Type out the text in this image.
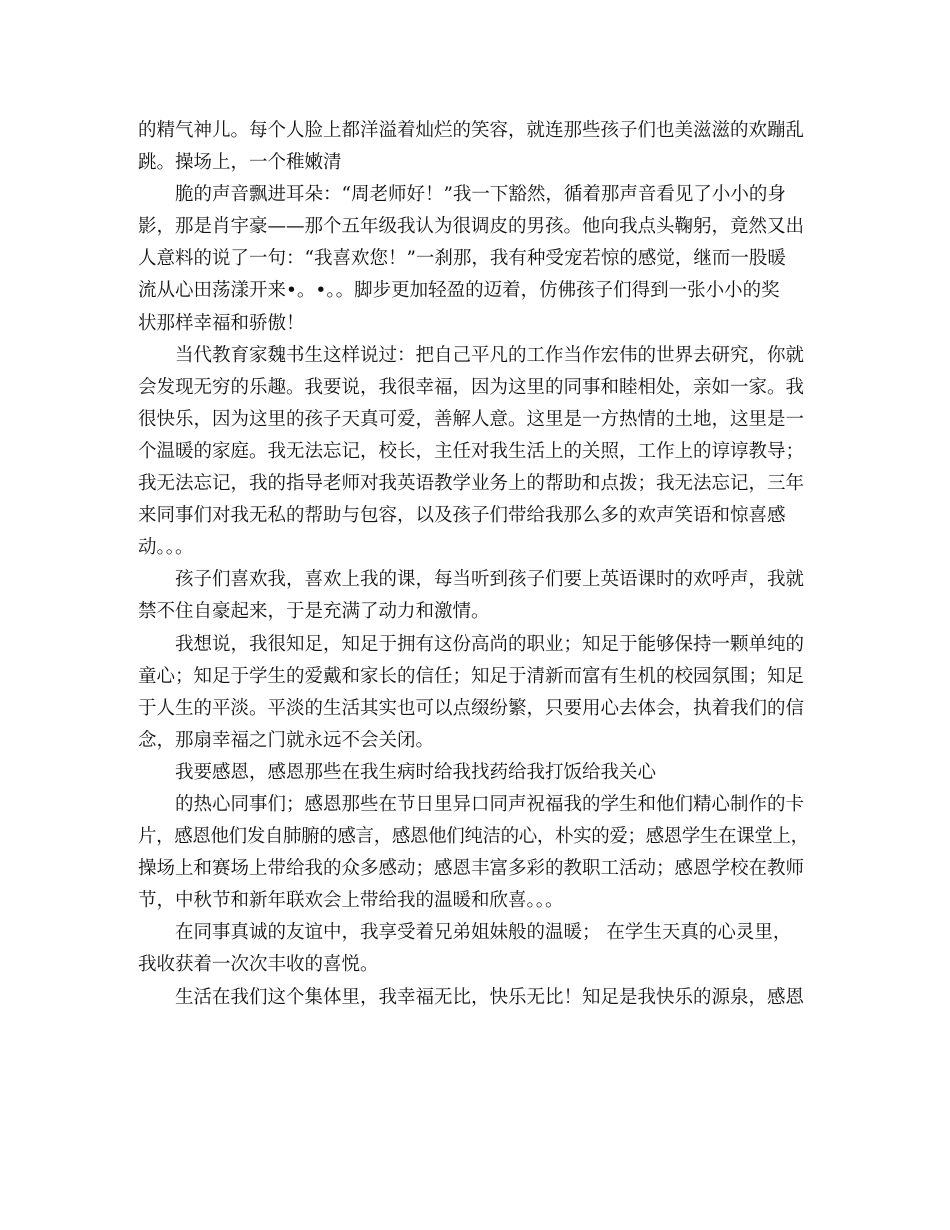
的精气神儿。每个人脸上都洋溢着灿烂的笑容，就连那些孩子们也美滋滋的欢蹦乱
跳。操场上，一个稚嫩清

脆的声音飘进耳朵：“周老师好！”我一下豁然，循着那声音看见了小小的身
影，那是肖宇豪——那个五年级我认为很调皮的男孩。他向我点头鞠躬，竟然又出
人意料的说了一句：“我喜欢您！”一刹那，我有种受宠若惊的感觉，继而一股暖
流从心田荡漾开来•。•。。脚步更加轻盈的迈着，仿佛孩子们得到一张小小的奖
状那样幸福和骄傲！

当代教育家魏书生这样说过：把自己平凡的工作当作宏伟的世界去研究，你就
会发现无穷的乐趣。我要说，我很幸福，因为这里的同事和睦相处，亲如一家。我
很快乐，因为这里的孩子天真可爱，善解人意。这里是一方热情的土地，这里是一
个温暖的家庭。我无法忘记，校长，主任对我生活上的关照，工作上的谆谆教导；
我无法忘记，我的指导老师对我英语教学业务上的帮助和点拨；我无法忘记，三年
来同事们对我无私的帮助与包容，以及孩子们带给我那么多的欢声笑语和惊喜感
动。。。

孩子们喜欢我，喜欢上我的课，每当听到孩子们要上英语课时的欢呼声，我就
禁不住自豪起来，于是充满了动力和激情。

我想说，我很知足，知足于拥有这份高尚的职业；知足于能够保持一颗单纯的
童心；知足于学生的爱戴和家长的信任；知足于清新而富有生机的校园氛围；知足
于人生的平淡。平淡的生活其实也可以点缀纷繁，只要用心去体会，执着我们的信
念，那扇幸福之门就永远不会关闭。

我要感恩，感恩那些在我生病时给我找药给我打饭给我关心

的热心同事们；感恩那些在节日里异口同声祝福我的学生和他们精心制作的卡
片，感恩他们发自肺腑的感言，感恩他们纯洁的心，朴实的爱；感恩学生在课堂上，
操场上和赛场上带给我的众多感动；感恩丰富多彩的教职工活动；感恩学校在教师
节，中秋节和新年联欢会上带给我的温暖和欣喜。。。

在同事真诚的友谊中，我享受着兄弟姐妹般的温暖； 在学生天真的心灵里，
我收获着一次次丰收的喜悦。

生活在我们这个集体里，我幸福无比，快乐无比！知足是我快乐的源泉，感恩
